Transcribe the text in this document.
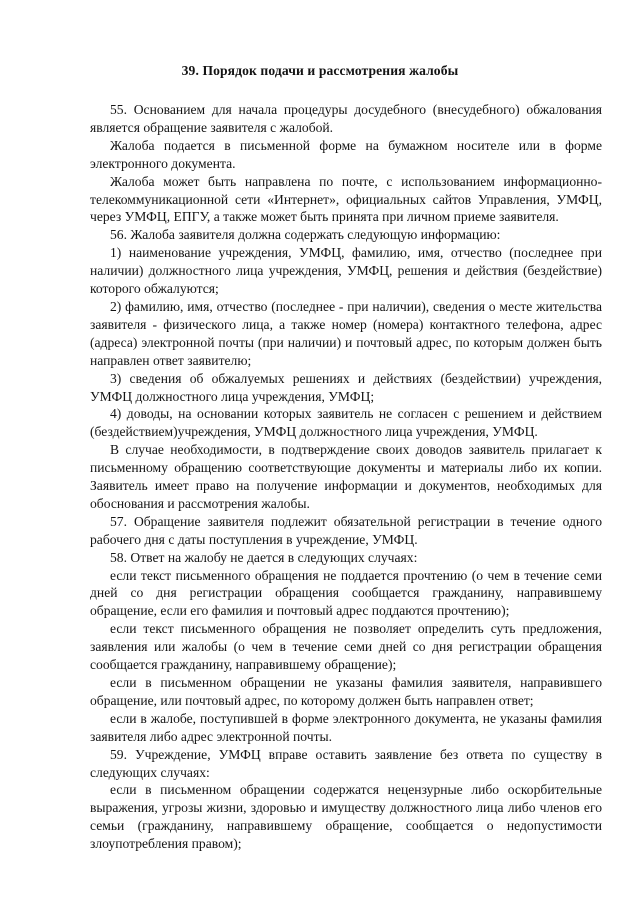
39. Порядок подачи и рассмотрения жалобы

55. Основанием для начала процедуры досудебного (внесудебного) обжалования является обращение заявителя с жалобой.

Жалоба подается в письменной форме на бумажном носителе или в форме электронного документа.

Жалоба может быть направлена по почте, с использованием информационно-телекоммуникационной сети «Интернет», официальных сайтов Управления, УМФЦ, через УМФЦ, ЕПГУ, а также может быть принята при личном приеме заявителя.

56. Жалоба заявителя должна содержать следующую информацию:

1) наименование учреждения, УМФЦ, фамилию, имя, отчество (последнее при наличии) должностного лица учреждения, УМФЦ, решения и действия (бездействие) которого обжалуются;

2) фамилию, имя, отчество (последнее - при наличии), сведения о месте жительства заявителя - физического лица, а также номер (номера) контактного телефона, адрес (адреса) электронной почты (при наличии) и почтовый адрес, по которым должен быть направлен ответ заявителю;

3) сведения об обжалуемых решениях и действиях (бездействии) учреждения, УМФЦ должностного лица учреждения, УМФЦ;

4) доводы, на основании которых заявитель не согласен с решением и действием (бездействием)учреждения, УМФЦ должностного лица учреждения, УМФЦ.

В случае необходимости, в подтверждение своих доводов заявитель прилагает к письменному обращению соответствующие документы и материалы либо их копии. Заявитель имеет право на получение информации и документов, необходимых для обоснования и рассмотрения жалобы.

57. Обращение заявителя подлежит обязательной регистрации в течение одного рабочего дня с даты поступления в учреждение, УМФЦ.

58. Ответ на жалобу не дается в следующих случаях:

если текст письменного обращения не поддается прочтению (о чем в течение семи дней со дня регистрации обращения сообщается гражданину, направившему обращение, если его фамилия и почтовый адрес поддаются прочтению);

если текст письменного обращения не позволяет определить суть предложения, заявления или жалобы (о чем в течение семи дней со дня регистрации обращения сообщается гражданину, направившему обращение);

если в письменном обращении не указаны фамилия заявителя, направившего обращение, или почтовый адрес, по которому должен быть направлен ответ;

если в жалобе, поступившей в форме электронного документа, не указаны фамилия заявителя либо адрес электронной почты.

59. Учреждение, УМФЦ вправе оставить заявление без ответа по существу в следующих случаях:

если в письменном обращении содержатся нецензурные либо оскорбительные выражения, угрозы жизни, здоровью и имуществу должностного лица либо членов его семьи (гражданину, направившему обращение, сообщается о недопустимости злоупотребления правом);
